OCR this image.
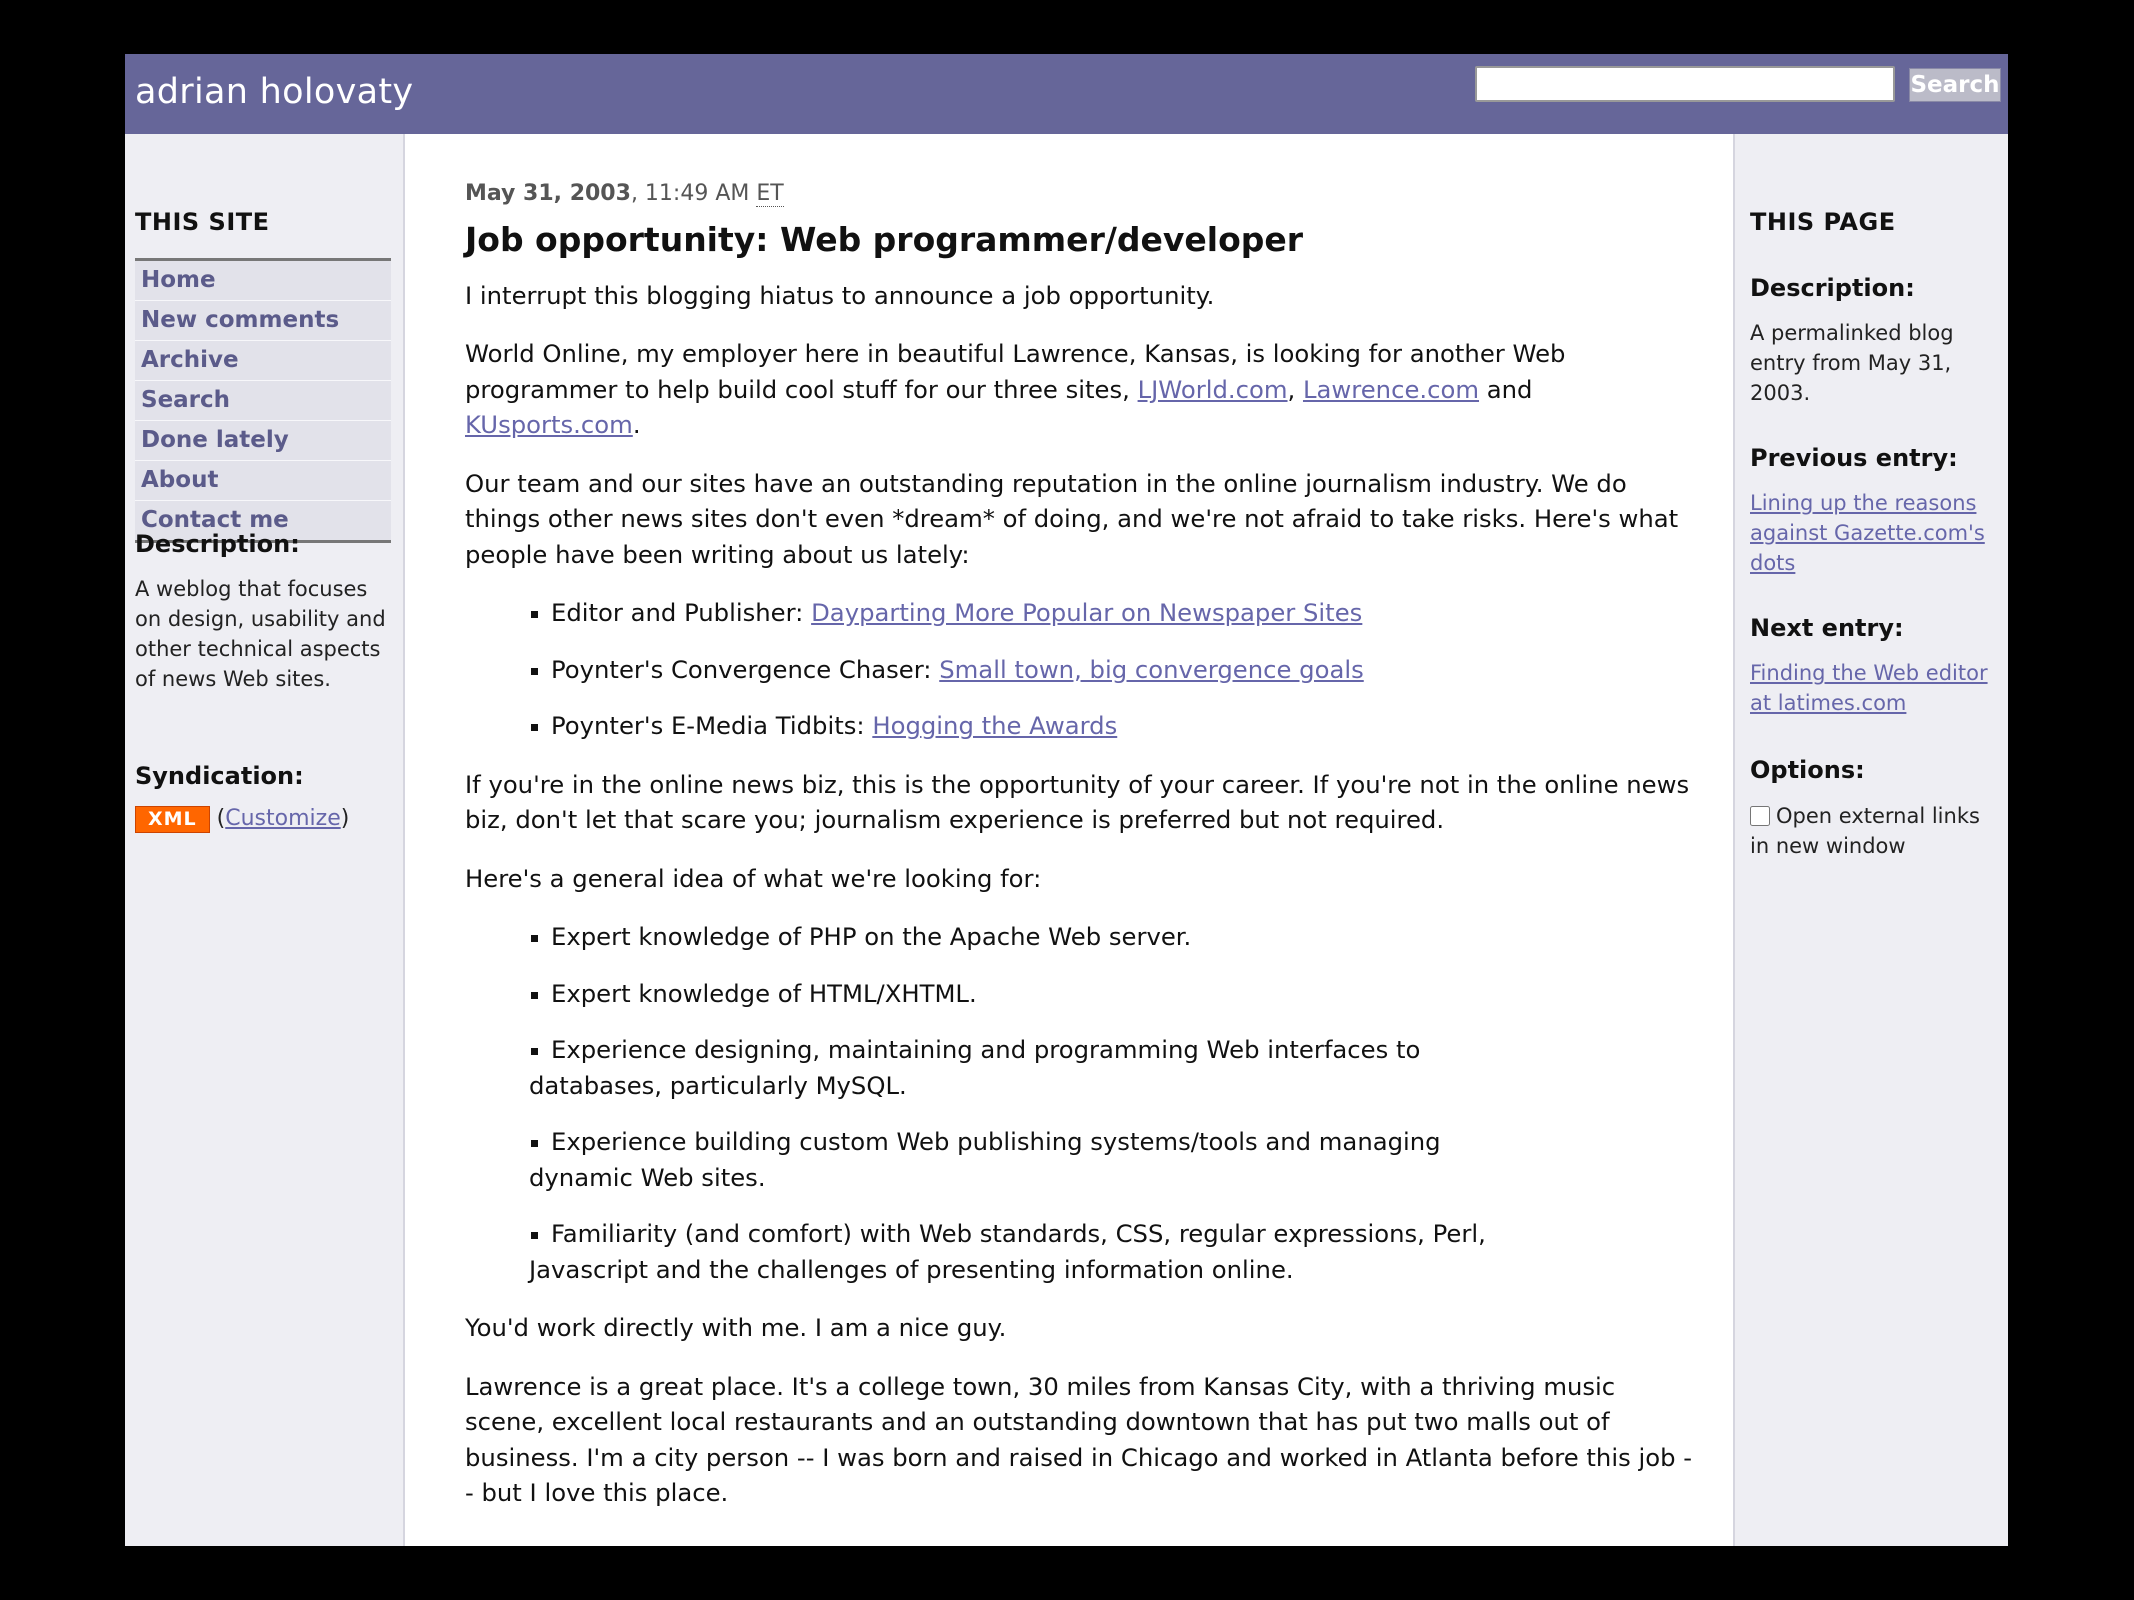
adrian holovaty	Search
THIS SITE
Home
New comments
Archive
Search
Done lately
About
Contact me
Description:
A weblog that focuses on design, usability and other technical aspects of news Web sites.
Syndication:
XML (Customize)
May 31, 2003, 11:49 AM ET
Job opportunity: Web programmer/developer

I interrupt this blogging hiatus to announce a job opportunity.

World Online, my employer here in beautiful Lawrence, Kansas, is looking for another Web programmer to help build cool stuff for our three sites, LJWorld.com, Lawrence.com and KUsports.com.

Our team and our sites have an outstanding reputation in the online journalism industry. We do things other news sites don't even *dream* of doing, and we're not afraid to take risks. Here's what people have been writing about us lately:

Editor and Publisher: Dayparting More Popular on Newspaper Sites
Poynter's Convergence Chaser: Small town, big convergence goals
Poynter's E-Media Tidbits: Hogging the Awards

If you're in the online news biz, this is the opportunity of your career. If you're not in the online news biz, don't let that scare you; journalism experience is preferred but not required.

Here's a general idea of what we're looking for:

Expert knowledge of PHP on the Apache Web server.
Expert knowledge of HTML/XHTML.
Experience designing, maintaining and programming Web interfaces to databases, particularly MySQL.
Experience building custom Web publishing systems/tools and managing dynamic Web sites.
Familiarity (and comfort) with Web standards, CSS, regular expressions, Perl, Javascript and the challenges of presenting information online.

You'd work directly with me. I am a nice guy.

Lawrence is a great place. It's a college town, 30 miles from Kansas City, with a thriving music scene, excellent local restaurants and an outstanding downtown that has put two malls out of business. I'm a city person -- I was born and raised in Chicago and worked in Atlanta before this job -- but I love this place.

THIS PAGE
Description:
A permalinked blog entry from May 31, 2003.
Previous entry:
Lining up the reasons against Gazette.com's dots
Next entry:
Finding the Web editor at latimes.com
Options:
Open external links in new window
